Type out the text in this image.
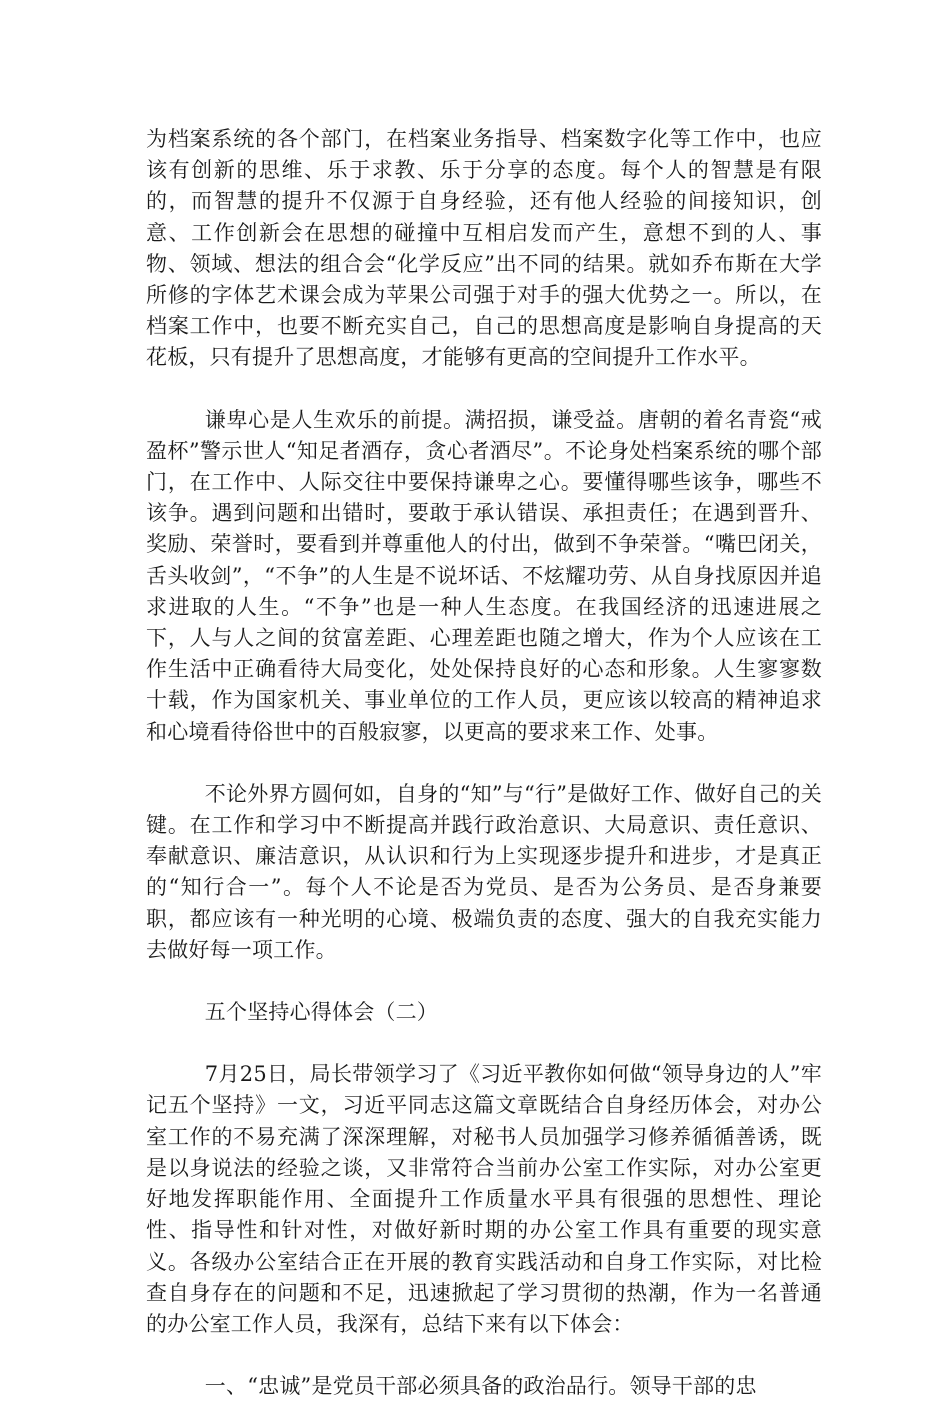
为档案系统的各个部门，在档案业务指导、档案数字化等工作中，也应该有创新的思维、乐于求教、乐于分享的态度。每个人的智慧是有限的，而智慧的提升不仅源于自身经验，还有他人经验的间接知识，创意、工作创新会在思想的碰撞中互相启发而产生，意想不到的人、事物、领域、想法的组合会“化学反应”出不同的结果。就如乔布斯在大学所修的字体艺术课会成为苹果公司强于对手的强大优势之一。所以，在档案工作中，也要不断充实自己，自己的思想高度是影响自身提高的天花板，只有提升了思想高度，才能够有更高的空间提升工作水平。

谦卑心是人生欢乐的前提。满招损，谦受益。唐朝的着名青瓷“戒盈杯”警示世人“知足者酒存，贪心者酒尽”。不论身处档案系统的哪个部门，在工作中、人际交往中要保持谦卑之心。要懂得哪些该争，哪些不该争。遇到问题和出错时，要敢于承认错误、承担责任；在遇到晋升、奖励、荣誉时，要看到并尊重他人的付出，做到不争荣誉。“嘴巴闭关，舌头收剑”，“不争”的人生是不说坏话、不炫耀功劳、从自身找原因并追求进取的人生。“不争”也是一种人生态度。在我国经济的迅速进展之下，人与人之间的贫富差距、心理差距也随之增大，作为个人应该在工作生活中正确看待大局变化，处处保持良好的心态和形象。人生寥寥数十载，作为国家机关、事业单位的工作人员，更应该以较高的精神追求和心境看待俗世中的百般寂寥，以更高的要求来工作、处事。

不论外界方圆何如，自身的“知”与“行”是做好工作、做好自己的关键。在工作和学习中不断提高并践行政治意识、大局意识、责任意识、奉献意识、廉洁意识，从认识和行为上实现逐步提升和进步，才是真正的“知行合一”。每个人不论是否为党员、是否为公务员、是否身兼要职，都应该有一种光明的心境、极端负责的态度、强大的自我充实能力去做好每一项工作。

五个坚持心得体会（二）

7月25日，局长带领学习了《习近平教你如何做“领导身边的人”牢记五个坚持》一文，习近平同志这篇文章既结合自身经历体会，对办公室工作的不易充满了深深理解，对秘书人员加强学习修养循循善诱，既是以身说法的经验之谈，又非常符合当前办公室工作实际，对办公室更好地发挥职能作用、全面提升工作质量水平具有很强的思想性、理论性、指导性和针对性，对做好新时期的办公室工作具有重要的现实意义。各级办公室结合正在开展的教育实践活动和自身工作实际，对比检查自身存在的问题和不足，迅速掀起了学习贯彻的热潮，作为一名普通的办公室工作人员，我深有，总结下来有以下体会：

一、“忠诚”是党员干部必须具备的政治品行。领导干部的忠
